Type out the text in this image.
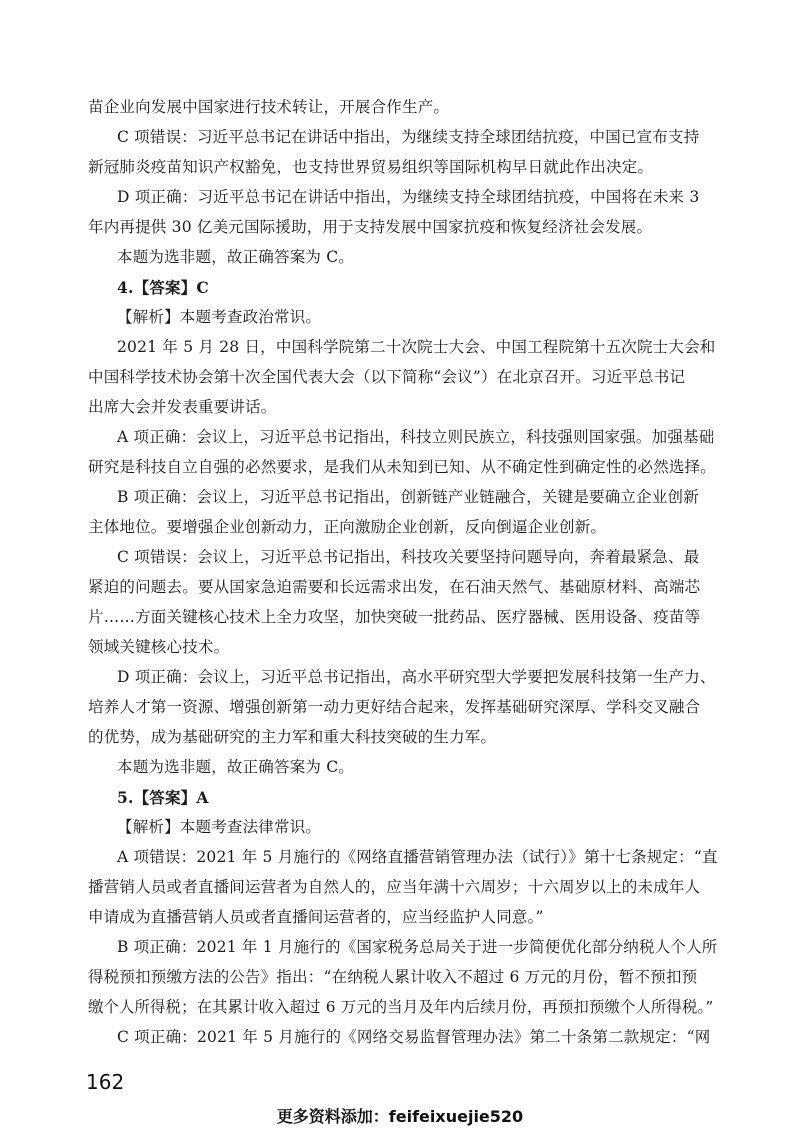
苗企业向发展中国家进行技术转让，开展合作生产。
C 项错误：习近平总书记在讲话中指出，为继续支持全球团结抗疫，中国已宣布支持
新冠肺炎疫苗知识产权豁免，也支持世界贸易组织等国际机构早日就此作出决定。
D 项正确：习近平总书记在讲话中指出，为继续支持全球团结抗疫，中国将在未来 3
年内再提供 30 亿美元国际援助，用于支持发展中国家抗疫和恢复经济社会发展。
本题为选非题，故正确答案为 C。
4.【答案】C
【解析】本题考查政治常识。
2021 年 5 月 28 日，中国科学院第二十次院士大会、中国工程院第十五次院士大会和
中国科学技术协会第十次全国代表大会（以下简称“会议”）在北京召开。习近平总书记
出席大会并发表重要讲话。
A 项正确：会议上，习近平总书记指出，科技立则民族立，科技强则国家强。加强基础
研究是科技自立自强的必然要求，是我们从未知到已知、从不确定性到确定性的必然选择。
B 项正确：会议上，习近平总书记指出，创新链产业链融合，关键是要确立企业创新
主体地位。要增强企业创新动力，正向激励企业创新，反向倒逼企业创新。
C 项错误：会议上，习近平总书记指出，科技攻关要坚持问题导向，奔着最紧急、最
紧迫的问题去。要从国家急迫需要和长远需求出发，在石油天然气、基础原材料、高端芯
片……方面关键核心技术上全力攻坚，加快突破一批药品、医疗器械、医用设备、疫苗等
领域关键核心技术。
D 项正确：会议上，习近平总书记指出，高水平研究型大学要把发展科技第一生产力、
培养人才第一资源、增强创新第一动力更好结合起来，发挥基础研究深厚、学科交叉融合
的优势，成为基础研究的主力军和重大科技突破的生力军。
本题为选非题，故正确答案为 C。
5.【答案】A
【解析】本题考查法律常识。
A 项错误：2021 年 5 月施行的《网络直播营销管理办法（试行）》第十七条规定：“直
播营销人员或者直播间运营者为自然人的，应当年满十六周岁；十六周岁以上的未成年人
申请成为直播营销人员或者直播间运营者的，应当经监护人同意。”
B 项正确：2021 年 1 月施行的《国家税务总局关于进一步简便优化部分纳税人个人所
得税预扣预缴方法的公告》指出：“在纳税人累计收入不超过 6 万元的月份，暂不预扣预
缴个人所得税；在其累计收入超过 6 万元的当月及年内后续月份，再预扣预缴个人所得税。”
C 项正确：2021 年 5 月施行的《网络交易监督管理办法》第二十条第二款规定：“网
162
更多资料添加：feifeixuejie520
